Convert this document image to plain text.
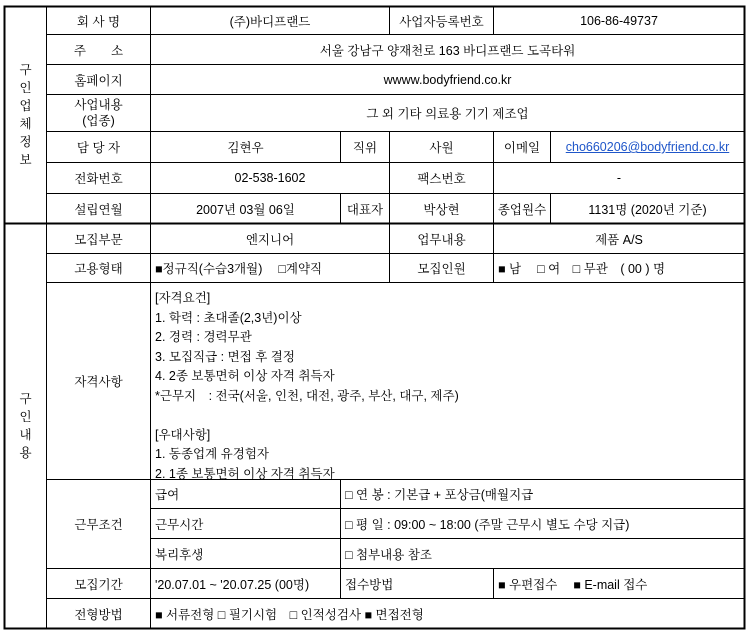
구
인
업
체
정
보
구
인
내
용
회 사 명	(주)바디프랜드	사업자등록번호	106-86-49737
주　　소	서울 강남구 양재천로 163 바디프랜드 도곡타워
홈페이지	wwww.bodyfriend.co.kr
사업내용
(업종)	그 외 기타 의료용 기기 제조업
담 당 자	김현우	직위	사원	이메일	cho660206@bodyfriend.co.kr
전화번호	02-538-1602	팩스번호	-
설립연월	2007년 03월 06일	대표자	박상현	종업원수	1131명 (2020년 기준)
모집부문	엔지니어	업무내용	제품 A/S
고용형태	■정규직(수습3개월)　 □계약직	모집인원	■ 남　 □ 여　□ 무관　( 00 ) 명
자격사항
[자격요건]
1. 학력 : 초대졸(2,3년)이상
2. 경력 : 경력무관
3. 모집직급 : 면접 후 결정
4. 2종 보통면허 이상 자격 취득자
*근무지　: 전국(서울, 인천, 대전, 광주, 부산, 대구, 제주)
[우대사항]
1. 동종업계 유경험자
2. 1종 보통면허 이상 자격 취득자
근무조건
급여	□ 연 봉 : 기본급 + 포상금(매월지급
근무시간	□ 평 일 : 09:00 ~ 18:00 (주말 근무시 별도 수당 지급)
복리후생	□ 첨부내용 참조
모집기간	'20.07.01 ~ '20.07.25 (00명)	접수방법	■ 우편접수　 ■ E-mail 접수
전형방법	■ 서류전형 □ 필기시험　□ 인적성검사 ■ 면접전형
